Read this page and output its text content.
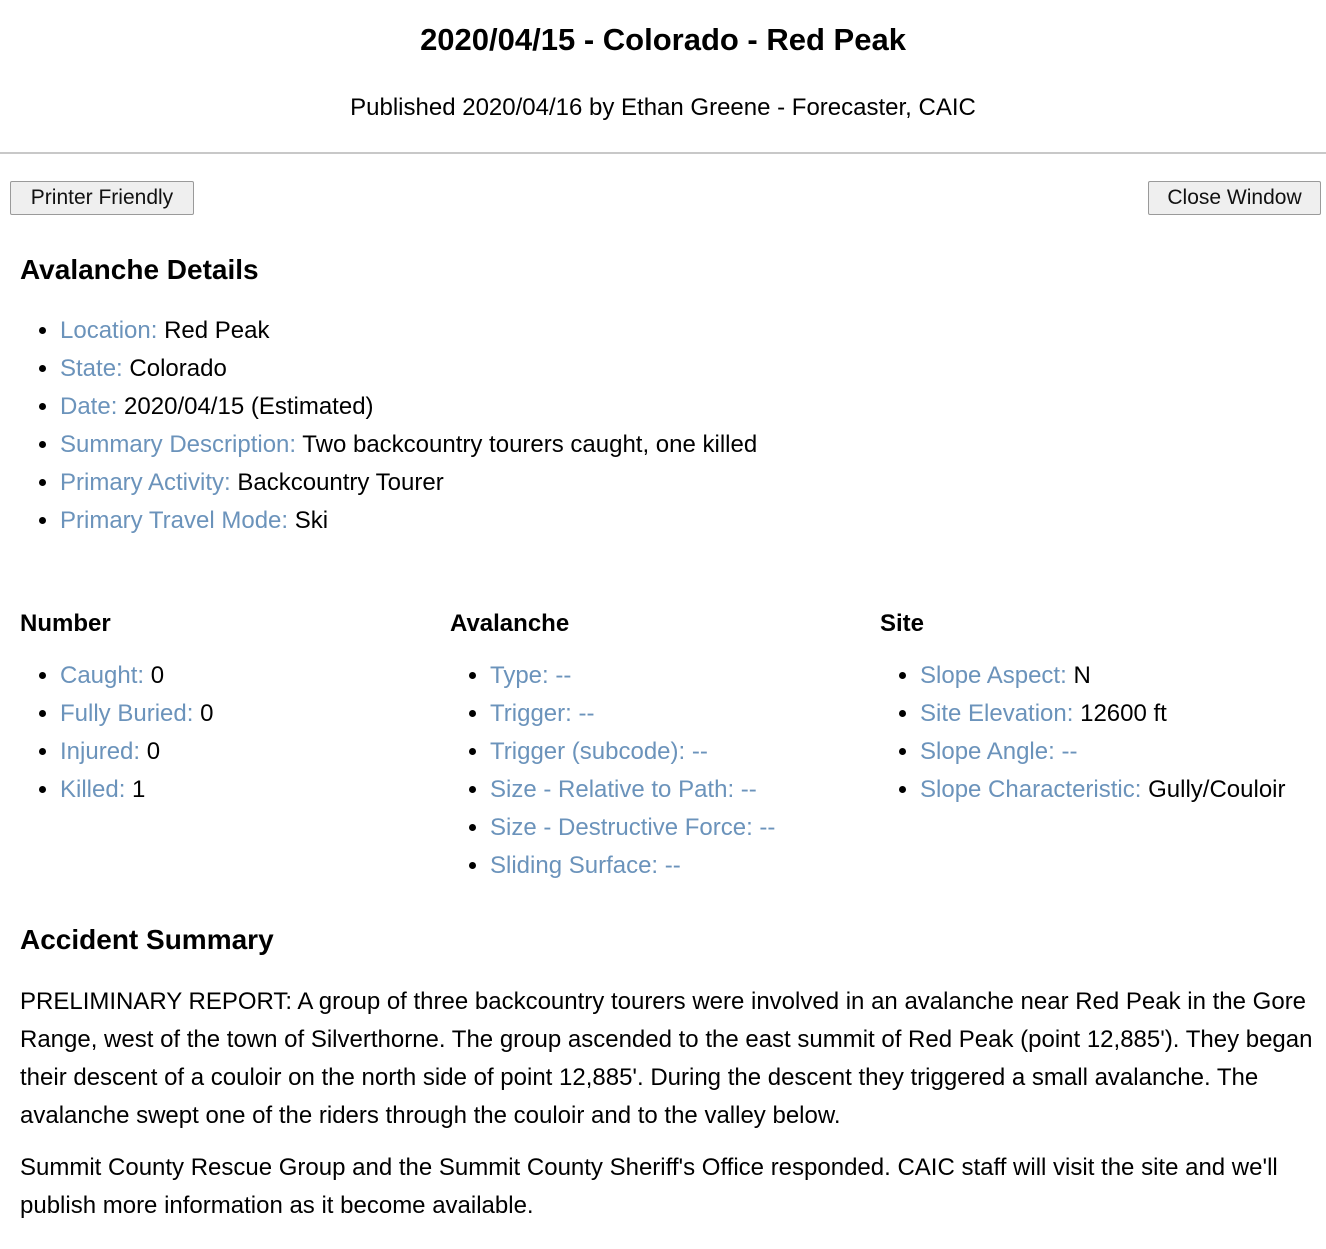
2020/04/15 - Colorado - Red Peak
Published 2020/04/16 by Ethan Greene - Forecaster, CAIC
Printer Friendly	Close Window
Avalanche Details
• Location: Red Peak
• State: Colorado
• Date: 2020/04/15 (Estimated)
• Summary Description: Two backcountry tourers caught, one killed
• Primary Activity: Backcountry Tourer
• Primary Travel Mode: Ski
Number
• Caught: 0
• Fully Buried: 0
• Injured: 0
• Killed: 1
Avalanche
• Type: --
• Trigger: --
• Trigger (subcode): --
• Size - Relative to Path: --
• Size - Destructive Force: --
• Sliding Surface: --
Site
• Slope Aspect: N
• Site Elevation: 12600 ft
• Slope Angle: --
• Slope Characteristic: Gully/Couloir
Accident Summary

PRELIMINARY REPORT: A group of three backcountry tourers were involved in an avalanche near Red Peak in the Gore Range, west of the town of Silverthorne. The group ascended to the east summit of Red Peak (point 12,885'). They began their descent of a couloir on the north side of point 12,885'. During the descent they triggered a small avalanche. The avalanche swept one of the riders through the couloir and to the valley below.

Summit County Rescue Group and the Summit County Sheriff's Office responded. CAIC staff will visit the site and we'll publish more information as it become available.
